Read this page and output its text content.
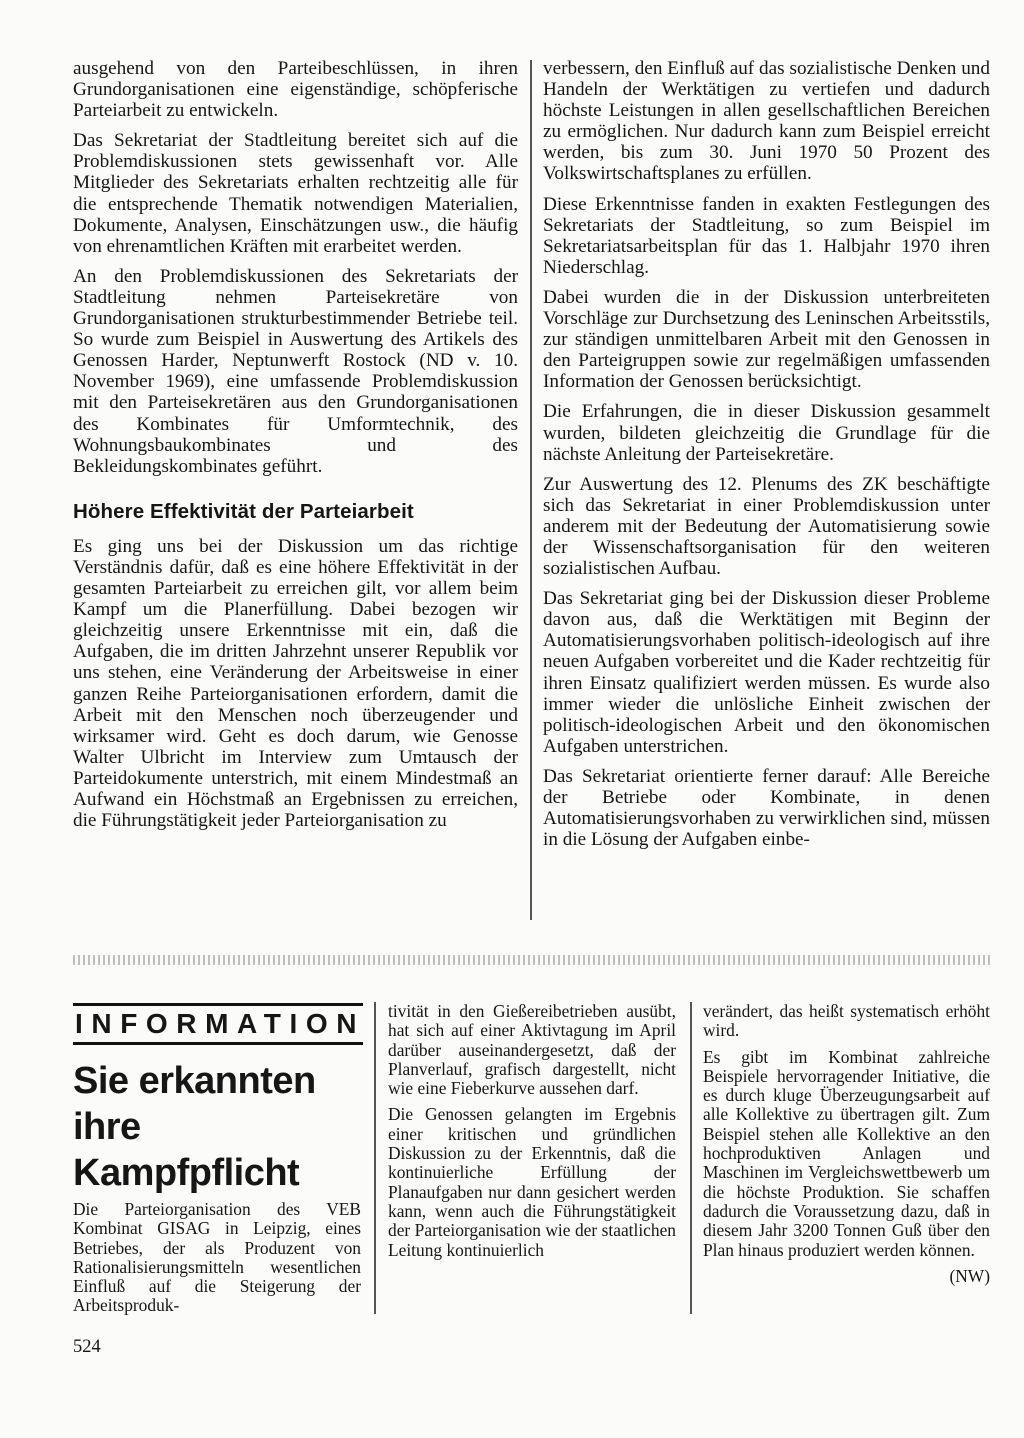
ausgehend von den Parteibeschlüssen, in ihren Grundorganisationen eine eigenständige, schöpferische Parteiarbeit zu entwickeln.

Das Sekretariat der Stadtleitung bereitet sich auf die Problemdiskussionen stets gewissenhaft vor. Alle Mitglieder des Sekretariats erhalten rechtzeitig alle für die entsprechende Thematik notwendigen Materialien, Dokumente, Analysen, Einschätzungen usw., die häufig von ehrenamtlichen Kräften mit erarbeitet werden.

An den Problemdiskussionen des Sekretariats der Stadtleitung nehmen Parteisekretäre von Grundorganisationen strukturbestimmender Betriebe teil. So wurde zum Beispiel in Auswertung des Artikels des Genossen Harder, Neptunwerft Rostock (ND v. 10. November 1969), eine umfassende Problemdiskussion mit den Parteisekretären aus den Grundorganisationen des Kombinates für Umformtechnik, des Wohnungsbaukombinates und des Bekleidungskombinates geführt.

Höhere Effektivität der Parteiarbeit

Es ging uns bei der Diskussion um das richtige Verständnis dafür, daß es eine höhere Effektivität in der gesamten Parteiarbeit zu erreichen gilt, vor allem beim Kampf um die Planerfüllung. Dabei bezogen wir gleichzeitig unsere Erkenntnisse mit ein, daß die Aufgaben, die im dritten Jahrzehnt unserer Republik vor uns stehen, eine Veränderung der Arbeitsweise in einer ganzen Reihe Parteiorganisationen erfordern, damit die Arbeit mit den Menschen noch überzeugender und wirksamer wird. Geht es doch darum, wie Genosse Walter Ulbricht im Interview zum Umtausch der Parteidokumente unterstrich, mit einem Mindestmaß an Aufwand ein Höchstmaß an Ergebnissen zu erreichen, die Führungstätigkeit jeder Parteiorganisation zu

verbessern, den Einfluß auf das sozialistische Denken und Handeln der Werktätigen zu vertiefen und dadurch höchste Leistungen in allen gesellschaftlichen Bereichen zu ermöglichen. Nur dadurch kann zum Beispiel erreicht werden, bis zum 30. Juni 1970 50 Prozent des Volkswirtschaftsplanes zu erfüllen.

Diese Erkenntnisse fanden in exakten Festlegungen des Sekretariats der Stadtleitung, so zum Beispiel im Sekretariatsarbeitsplan für das 1. Halbjahr 1970 ihren Niederschlag.

Dabei wurden die in der Diskussion unterbreiteten Vorschläge zur Durchsetzung des Leninschen Arbeitsstils, zur ständigen unmittelbaren Arbeit mit den Genossen in den Parteigruppen sowie zur regelmäßigen umfassenden Information der Genossen berücksichtigt.

Die Erfahrungen, die in dieser Diskussion gesammelt wurden, bildeten gleichzeitig die Grundlage für die nächste Anleitung der Parteisekretäre.

Zur Auswertung des 12. Plenums des ZK beschäftigte sich das Sekretariat in einer Problemdiskussion unter anderem mit der Bedeutung der Automatisierung sowie der Wissenschaftsorganisation für den weiteren sozialistischen Aufbau.

Das Sekretariat ging bei der Diskussion dieser Probleme davon aus, daß die Werktätigen mit Beginn der Automatisierungsvorhaben politisch-ideologisch auf ihre neuen Aufgaben vorbereitet und die Kader rechtzeitig für ihren Einsatz qualifiziert werden müssen. Es wurde also immer wieder die unlösliche Einheit zwischen der politisch-ideologischen Arbeit und den ökonomischen Aufgaben unterstrichen.

Das Sekretariat orientierte ferner darauf: Alle Bereiche der Betriebe oder Kombinate, in denen Automatisierungsvorhaben zu verwirklichen sind, müssen in die Lösung der Aufgaben einbe-

INFORMATION
Sie erkannten
ihre
Kampfpflicht

Die Parteiorganisation des VEB Kombinat GISAG in Leipzig, eines Betriebes, der als Produzent von Rationalisierungsmitteln wesentlichen Einfluß auf die Steigerung der Arbeitsproduk-

tivität in den Gießereibetrieben ausübt, hat sich auf einer Aktivtagung im April darüber auseinandergesetzt, daß der Planverlauf, grafisch dargestellt, nicht wie eine Fieberkurve aussehen darf.

Die Genossen gelangten im Ergebnis einer kritischen und gründlichen Diskussion zu der Erkenntnis, daß die kontinuierliche Erfüllung der Planaufgaben nur dann gesichert werden kann, wenn auch die Führungstätigkeit der Parteiorganisation wie der staatlichen Leitung kontinuierlich

verändert, das heißt systematisch erhöht wird.

Es gibt im Kombinat zahlreiche Beispiele hervorragender Initiative, die es durch kluge Überzeugungsarbeit auf alle Kollektive zu übertragen gilt. Zum Beispiel stehen alle Kollektive an den hochproduktiven Anlagen und Maschinen im Vergleichswettbewerb um die höchste Produktion. Sie schaffen dadurch die Voraussetzung dazu, daß in diesem Jahr 3200 Tonnen Guß über den Plan hinaus produziert werden können.

(NW)
524
